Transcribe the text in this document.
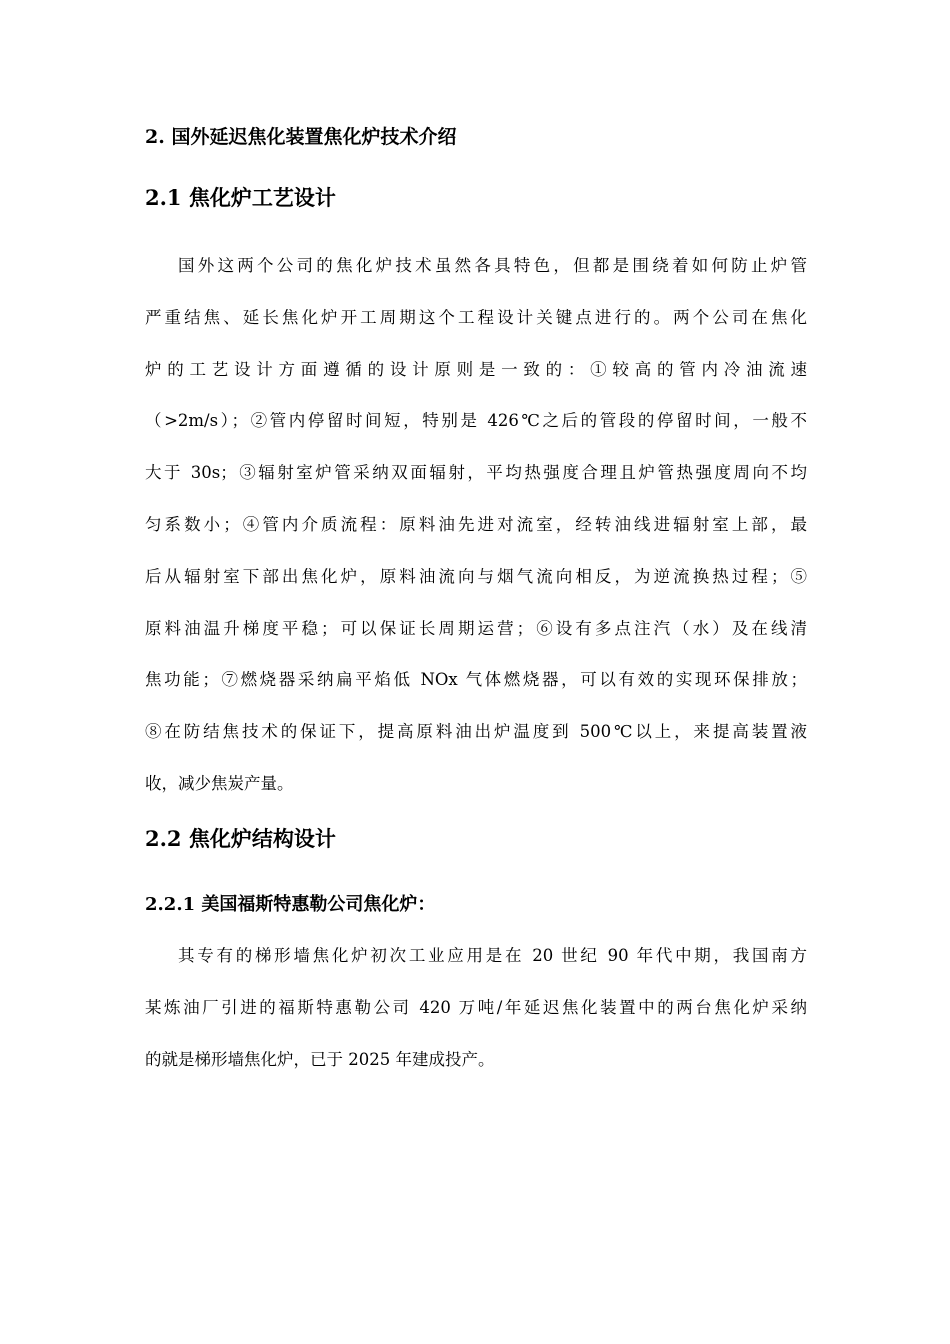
2. 国外延迟焦化装置焦化炉技术介绍
2.1 焦化炉工艺设计
国外这两个公司的焦化炉技术虽然各具特色，但都是围绕着如何防止炉管
严重结焦、延长焦化炉开工周期这个工程设计关键点进行的。两个公司在焦化
炉的工艺设计方面遵循的设计原则是一致的：①较高的管内冷油流速
（>2m/s）；②管内停留时间短，特别是 426℃之后的管段的停留时间，一般不
大于 30s；③辐射室炉管采纳双面辐射，平均热强度合理且炉管热强度周向不均
匀系数小；④管内介质流程：原料油先进对流室，经转油线进辐射室上部，最
后从辐射室下部出焦化炉，原料油流向与烟气流向相反，为逆流换热过程；⑤
原料油温升梯度平稳；可以保证长周期运营；⑥设有多点注汽（水）及在线清
焦功能；⑦燃烧器采纳扁平焰低 NOx 气体燃烧器，可以有效的实现环保排放；
⑧在防结焦技术的保证下，提高原料油出炉温度到 500℃以上，来提高装置液
收，减少焦炭产量。
2.2 焦化炉结构设计
2.2.1 美国福斯特惠勒公司焦化炉：
其专有的梯形墙焦化炉初次工业应用是在 20 世纪 90 年代中期，我国南方
某炼油厂引进的福斯特惠勒公司 420 万吨/年延迟焦化装置中的两台焦化炉采纳
的就是梯形墙焦化炉，已于 2025 年建成投产。
